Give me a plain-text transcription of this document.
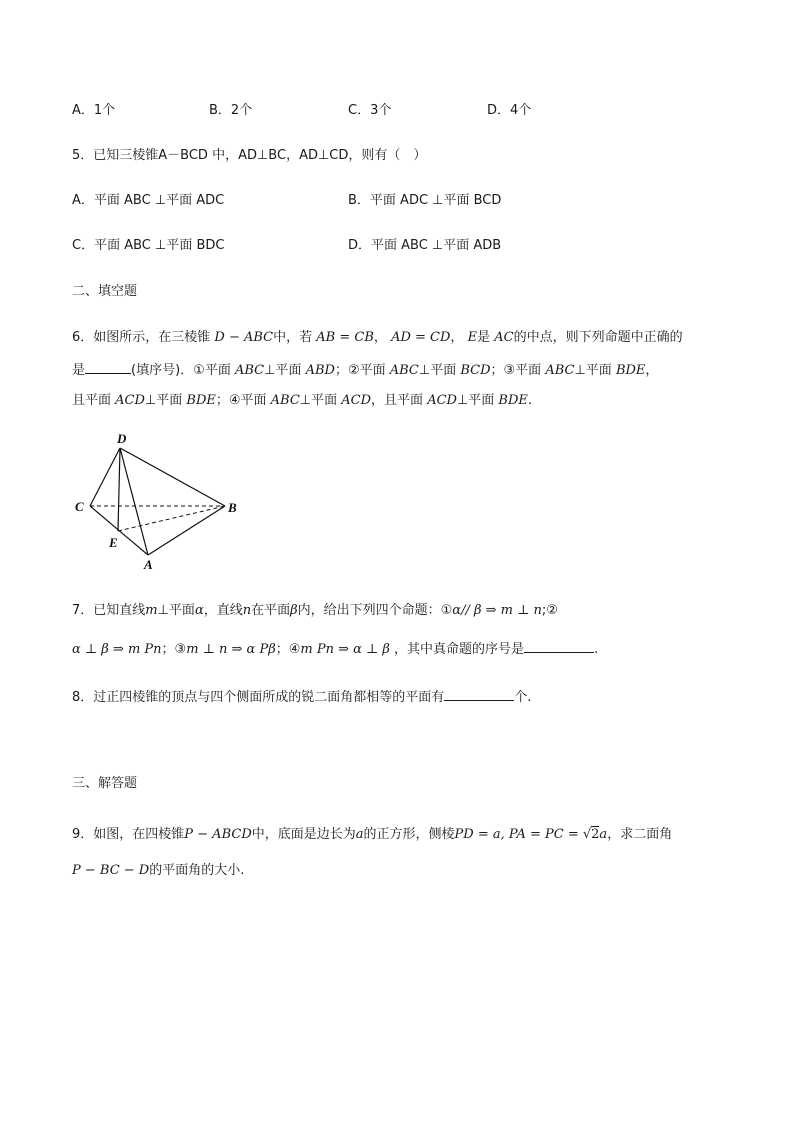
A．1个	B．2个	C．3个	D．4个
5．已知三棱锥A－BCD 中，AD⊥BC，AD⊥CD，则有（　）
A．平面 ABC ⊥平面 ADC	B．平面 ADC ⊥平面 BCD
C．平面 ABC ⊥平面 BDC	D．平面 ABC ⊥平面 ADB
二、填空题
6．如图所示，在三棱锥 D − ABC中，若 AB = CB， AD = CD， E是 AC的中点，则下列命题中正确的
是	(填序号)．①平面 ABC⊥平面 ABD；②平面 ABC⊥平面 BCD；③平面 ABC⊥平面 BDE，
且平面 ACD⊥平面 BDE；④平面 ABC⊥平面 ACD，且平面 ACD⊥平面 BDE.
D
C	B
E
A
7．已知直线m⊥平面α，直线n在平面β内，给出下列四个命题：①α// β ⇒ m ⊥ n;②
α ⊥ β ⇒ m Pn；③m ⊥ n ⇒ α Pβ；④m Pn ⇒ α ⊥ β ，其中真命题的序号是	.
8．过正四棱锥的顶点与四个侧面所成的锐二面角都相等的平面有	个.
三、解答题
9．如图，在四棱锥P − ABCD中，底面是边长为a的正方形，侧棱PD = a, PA = PC = √2a，求二面角
P − BC − D的平面角的大小.
